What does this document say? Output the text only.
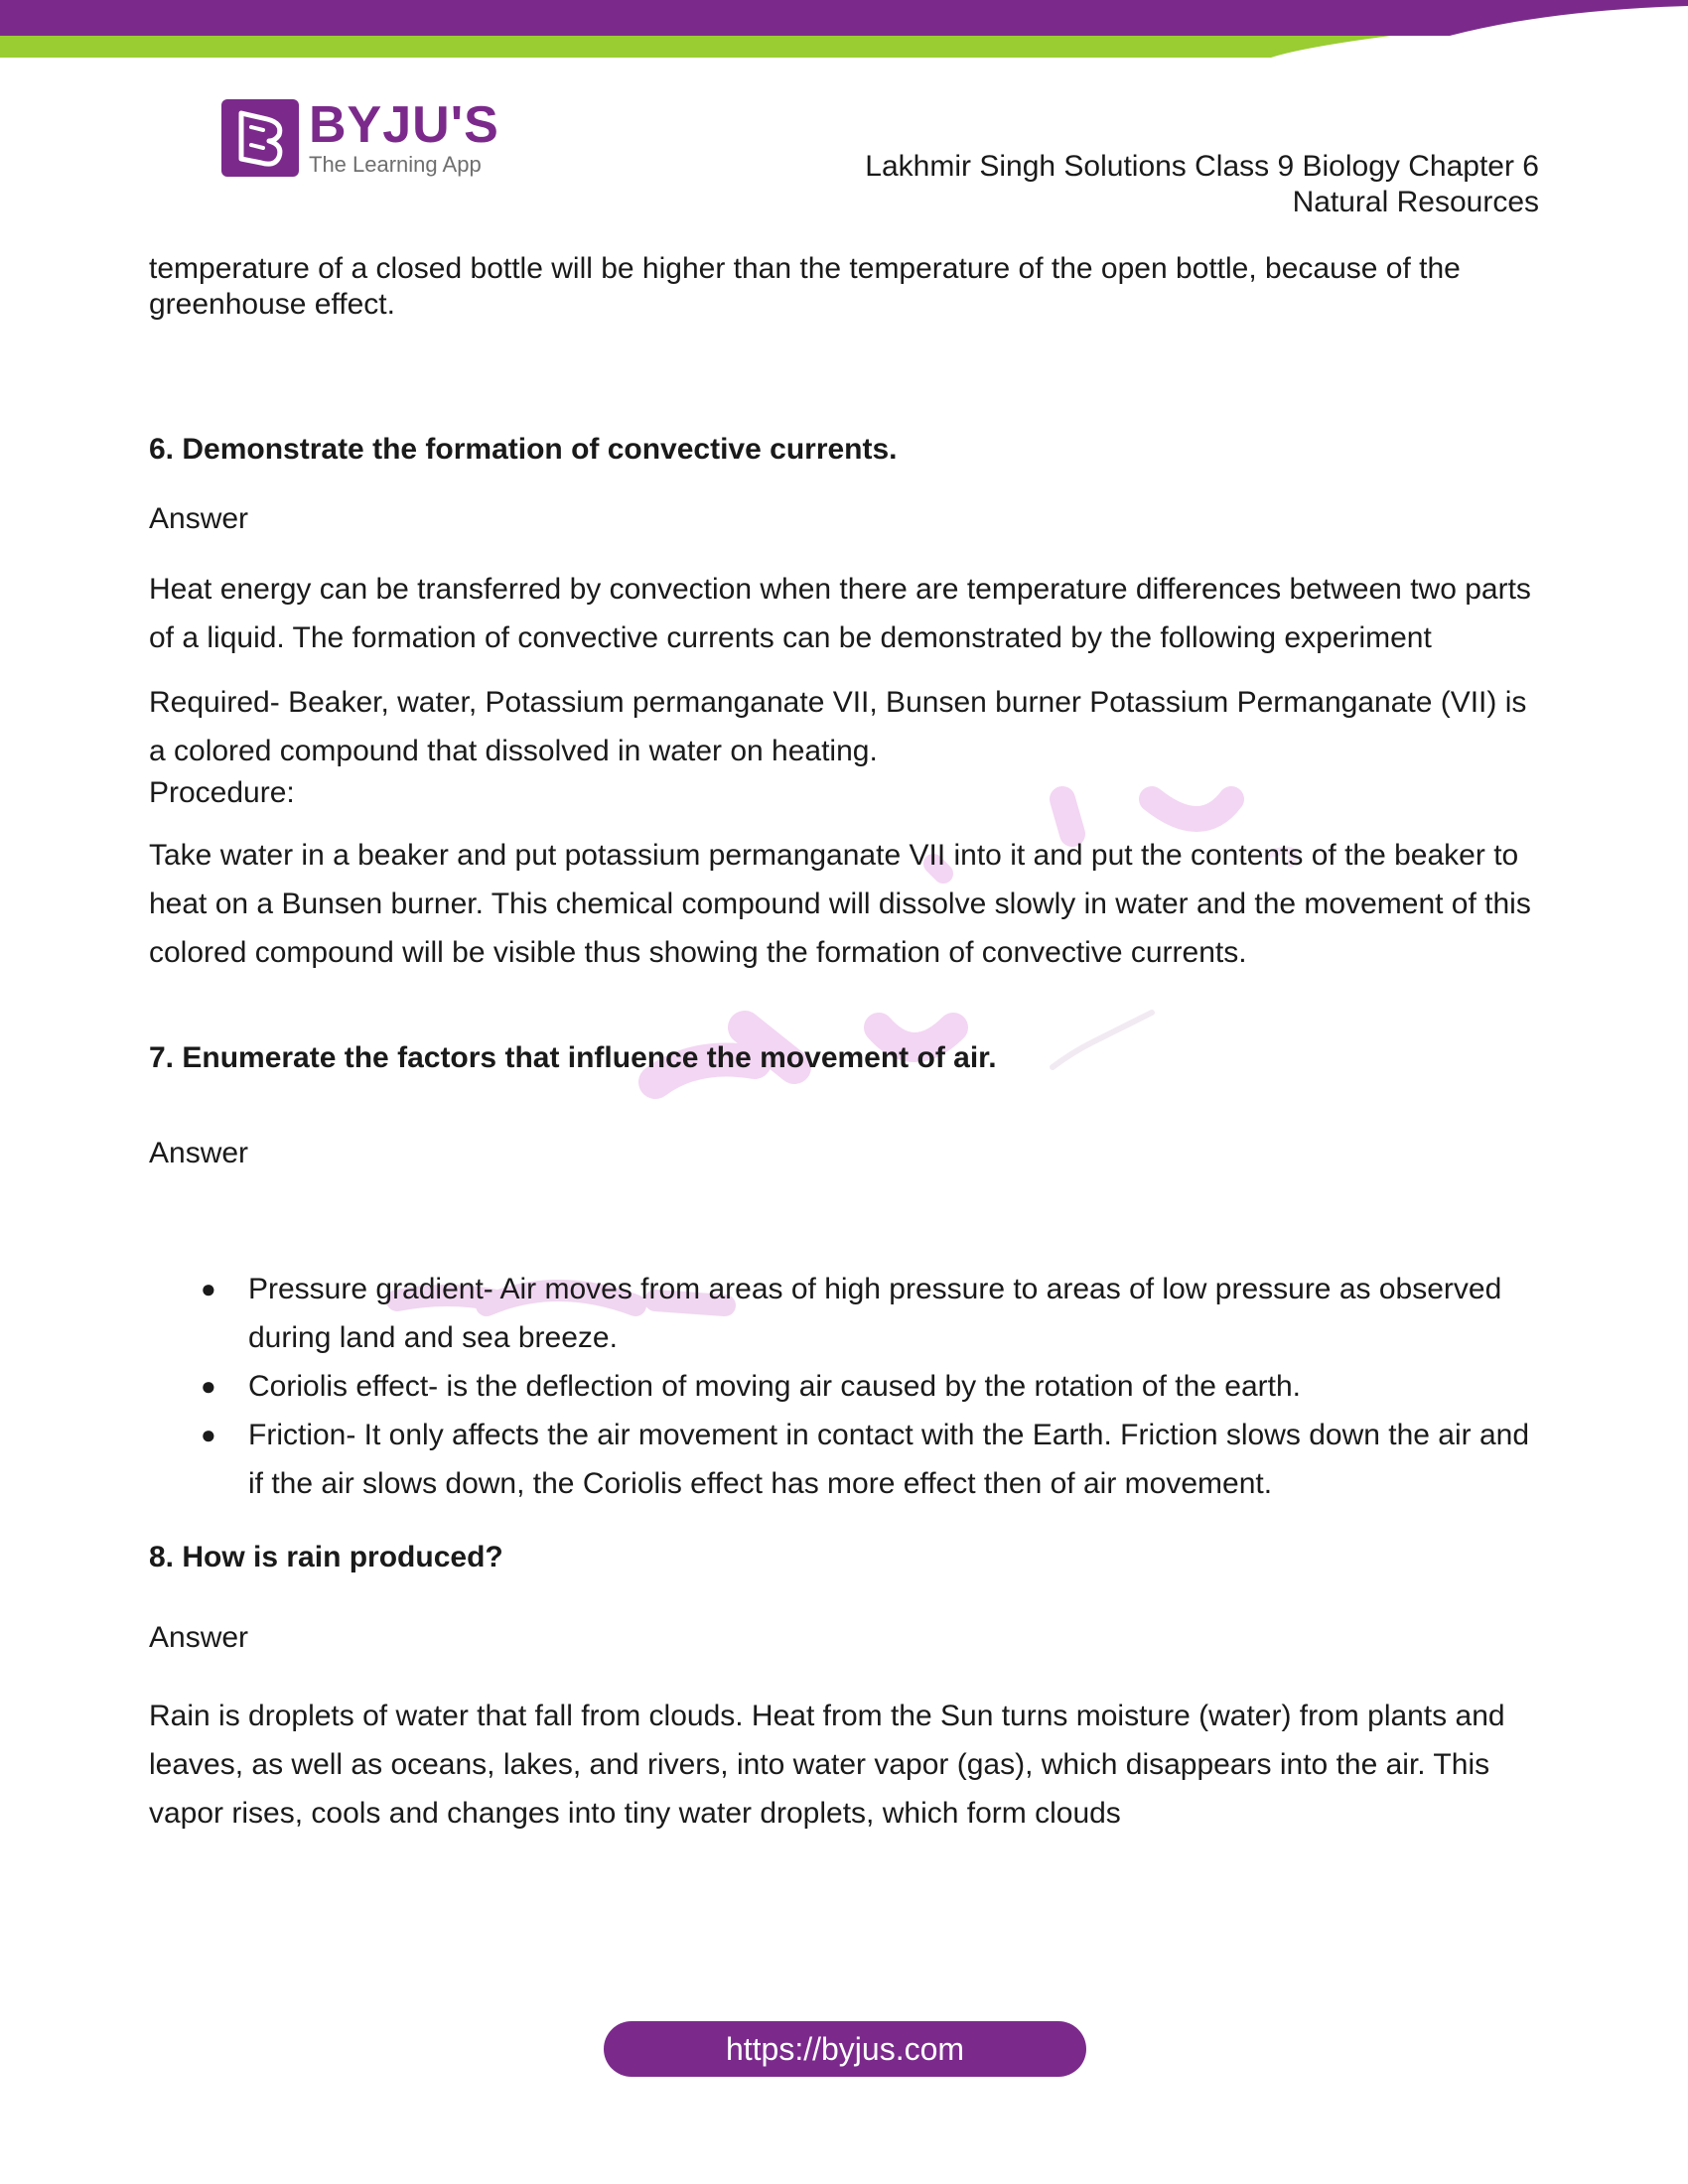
BYJU'S
The Learning App	Lakhmir Singh Solutions Class 9 Biology Chapter 6
Natural Resources

temperature of a closed bottle will be higher than the temperature of the open bottle, because of the greenhouse effect.

6. Demonstrate the formation of convective currents.

Answer

Heat energy can be transferred by convection when there are temperature differences between two parts of a liquid. The formation of convective currents can be demonstrated by the following experiment

Required- Beaker, water, Potassium permanganate VII, Bunsen burner Potassium Permanganate (VII) is a colored compound that dissolved in water on heating.

Procedure:

Take water in a beaker and put potassium permanganate VII into it and put the contents of the beaker to heat on a Bunsen burner. This chemical compound will dissolve slowly in water and the movement of this colored compound will be visible thus showing the formation of convective currents.

7. Enumerate the factors that influence the movement of air.

Answer

● Pressure gradient- Air moves from areas of high pressure to areas of low pressure as observed during land and sea breeze.
● Coriolis effect- is the deflection of moving air caused by the rotation of the earth.
● Friction- It only affects the air movement in contact with the Earth. Friction slows down the air and if the air slows down, the Coriolis effect has more effect then of air movement.

8. How is rain produced?

Answer

Rain is droplets of water that fall from clouds. Heat from the Sun turns moisture (water) from plants and leaves, as well as oceans, lakes, and rivers, into water vapor (gas), which disappears into the air. This vapor rises, cools and changes into tiny water droplets, which form clouds

https://byjus.com
